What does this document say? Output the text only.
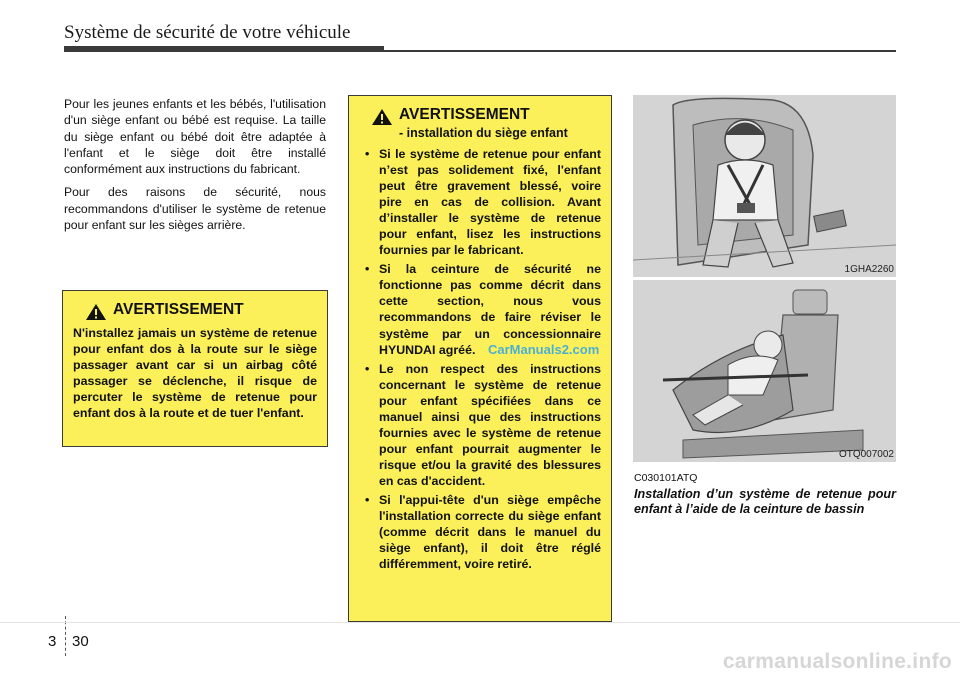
Système de sécurité de votre véhicule

Pour les jeunes enfants et les bébés, l'utilisation d'un siège enfant ou bébé est requise. La taille du siège enfant ou bébé doit être adaptée à l'enfant et le siège doit être installé conformément aux instructions du fabricant.

Pour des raisons de sécurité, nous recommandons d'utiliser le système de retenue pour enfant sur les sièges arrière.

AVERTISSEMENT
N'installez jamais un système de retenue pour enfant dos à la route sur le siège passager avant car si un airbag côté passager se déclenche, il risque de percuter le système de retenue pour enfant dos à la route et de tuer l'enfant.
AVERTISSEMENT
- installation du siège enfant
• Si le système de retenue pour enfant n’est pas solidement fixé, l'enfant peut être gravement blessé, voire pire en cas de collision. Avant d’installer le système de retenue pour enfant, lisez les instructions fournies par le fabricant.
• Si la ceinture de sécurité ne fonctionne pas comme décrit dans cette section, nous vous recommandons de faire réviser le système par un concessionnaire HYUNDAI agréé.
• Le non respect des instructions concernant le système de retenue pour enfant spécifiées dans ce manuel ainsi que des instructions fournies avec le système de retenue pour enfant pourrait augmenter le risque et/ou la gravité des blessures en cas d'accident.
• Si l'appui-tête d'un siège empêche l'installation correcte du siège enfant (comme décrit dans le manuel du siège enfant), il doit être réglé différemment, voire retiré.
1GHA2260
OTQ007002
C030101ATQ
Installation d’un système de retenue pour enfant à l’aide de la ceinture de bassin
CarManuals2.com
3 30
carmanualsonline.info
